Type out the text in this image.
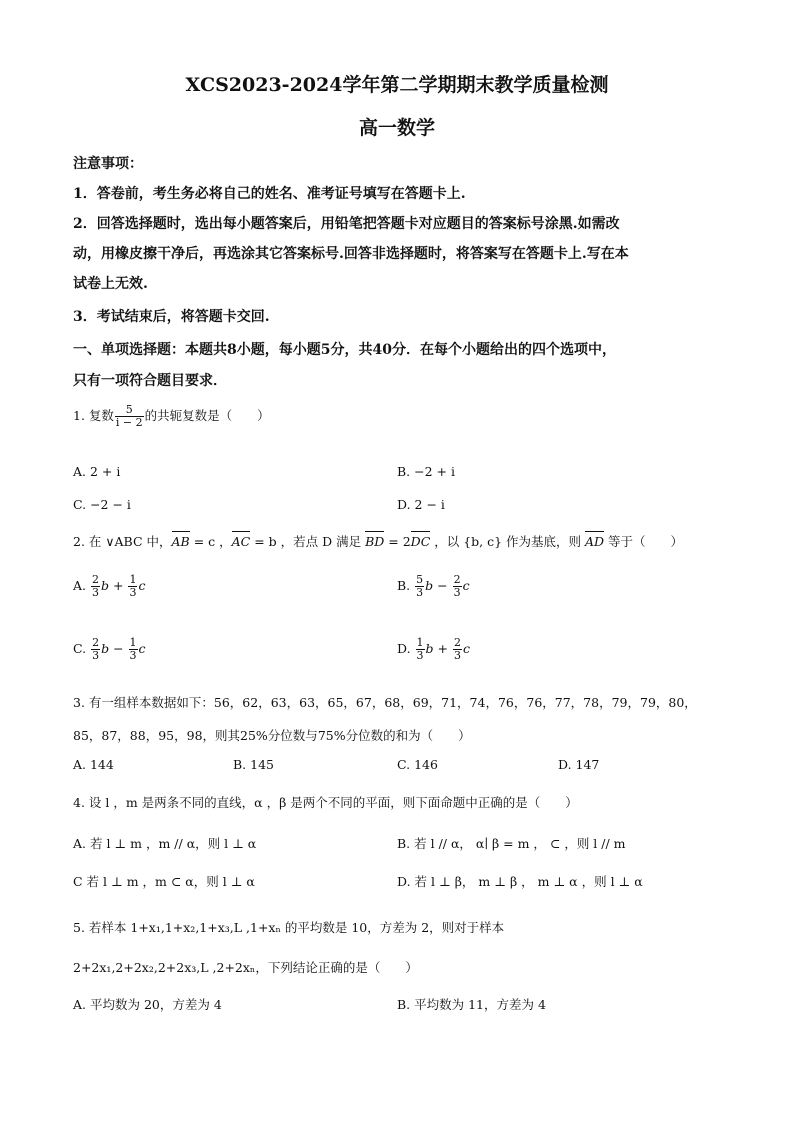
XCS2023-2024学年第二学期期末教学质量检测
高一数学
注意事项：
1．答卷前，考生务必将自己的姓名、准考证号填写在答题卡上.
2．回答选择题时，选出每小题答案后，用铅笔把答题卡对应题目的答案标号涂黑.如需改
动，用橡皮擦干净后，再选涂其它答案标号.回答非选择题时，将答案写在答题卡上.写在本
试卷上无效.
3．考试结束后，将答题卡交回.
一、单项选择题：本题共8小题，每小题5分，共40分．在每个小题给出的四个选项中，
只有一项符合题目要求．
1. 复数 $\frac{5}{i - 2}$ 的共轭复数是（　　）
A. 2 + i	B. −2 + i
C. −2 − i	D. 2 − i
2. 在 ∨ABC 中，AB = c ，AC = b ，若点 D 满足 BD = 2DC ，以 {b, c} 作为基底，则 AD 等于（　　）
A. $\frac{2}{3}$ $b + \frac{1}{3}$ c	B. $\frac{5}{3}$ $b - \frac{2}{3}$ c
C. $\frac{2}{3}$ $b - \frac{1}{3}$ c	D. $\frac{1}{3}$ $b + \frac{2}{3}$ c
3. 有一组样本数据如下：56，62，63，63，65，67，68，69，71，74，76，76，77，78，79，79，80，
85，87，88，95，98，则其25%分位数与75%分位数的和为（　　）
A. 144	B. 145	C. 146	D. 147
4. 设 l ，m 是两条不同的直线，α ，β 是两个不同的平面，则下面命题中正确的是（　　）
A. 若 l ⊥ m ，m // α，则 l ⊥ α	B. 若 l // α， α∣ β = m ， ⊂ ，则 l // m
C 若 l ⊥ m ，m ⊂ α，则 l ⊥ α	D. 若 l ⊥ β， m ⊥ β ， m ⊥ α ，则 l ⊥ α
5. 若样本 1+x₁,1+x₂,1+x₃,L ,1+xₙ 的平均数是 10，方差为 2，则对于样本
2+2x₁,2+2x₂,2+2x₃,L ,2+2xₙ，下列结论正确的是（　　）
A. 平均数为 20，方差为 4	B. 平均数为 11，方差为 4
